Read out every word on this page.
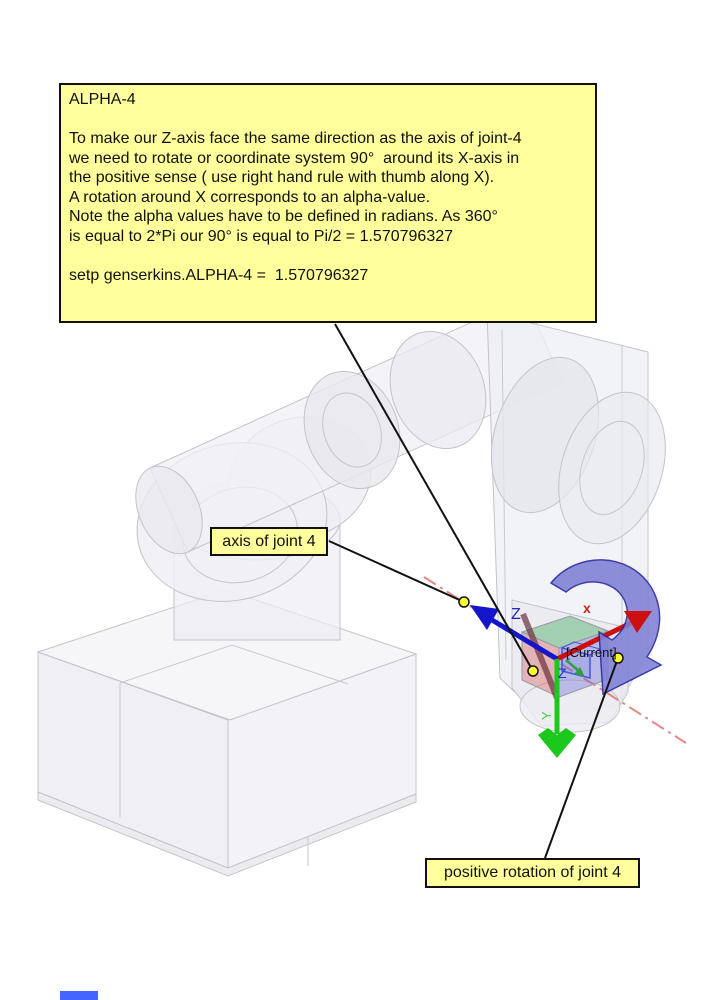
Z	x
Y
Z
[Current]
ALPHA-4
To make our Z-axis face the same direction as the axis of joint-4
we need to rotate or coordinate system 90°  around its X-axis in
the positive sense ( use right hand rule with thumb along X).
A rotation around X corresponds to an alpha-value.
Note the alpha values have to be defined in radians. As 360°
is equal to 2*Pi our 90° is equal to Pi/2 = 1.570796327
setp genserkins.ALPHA-4 =  1.570796327
axis of joint 4
positive rotation of joint 4
